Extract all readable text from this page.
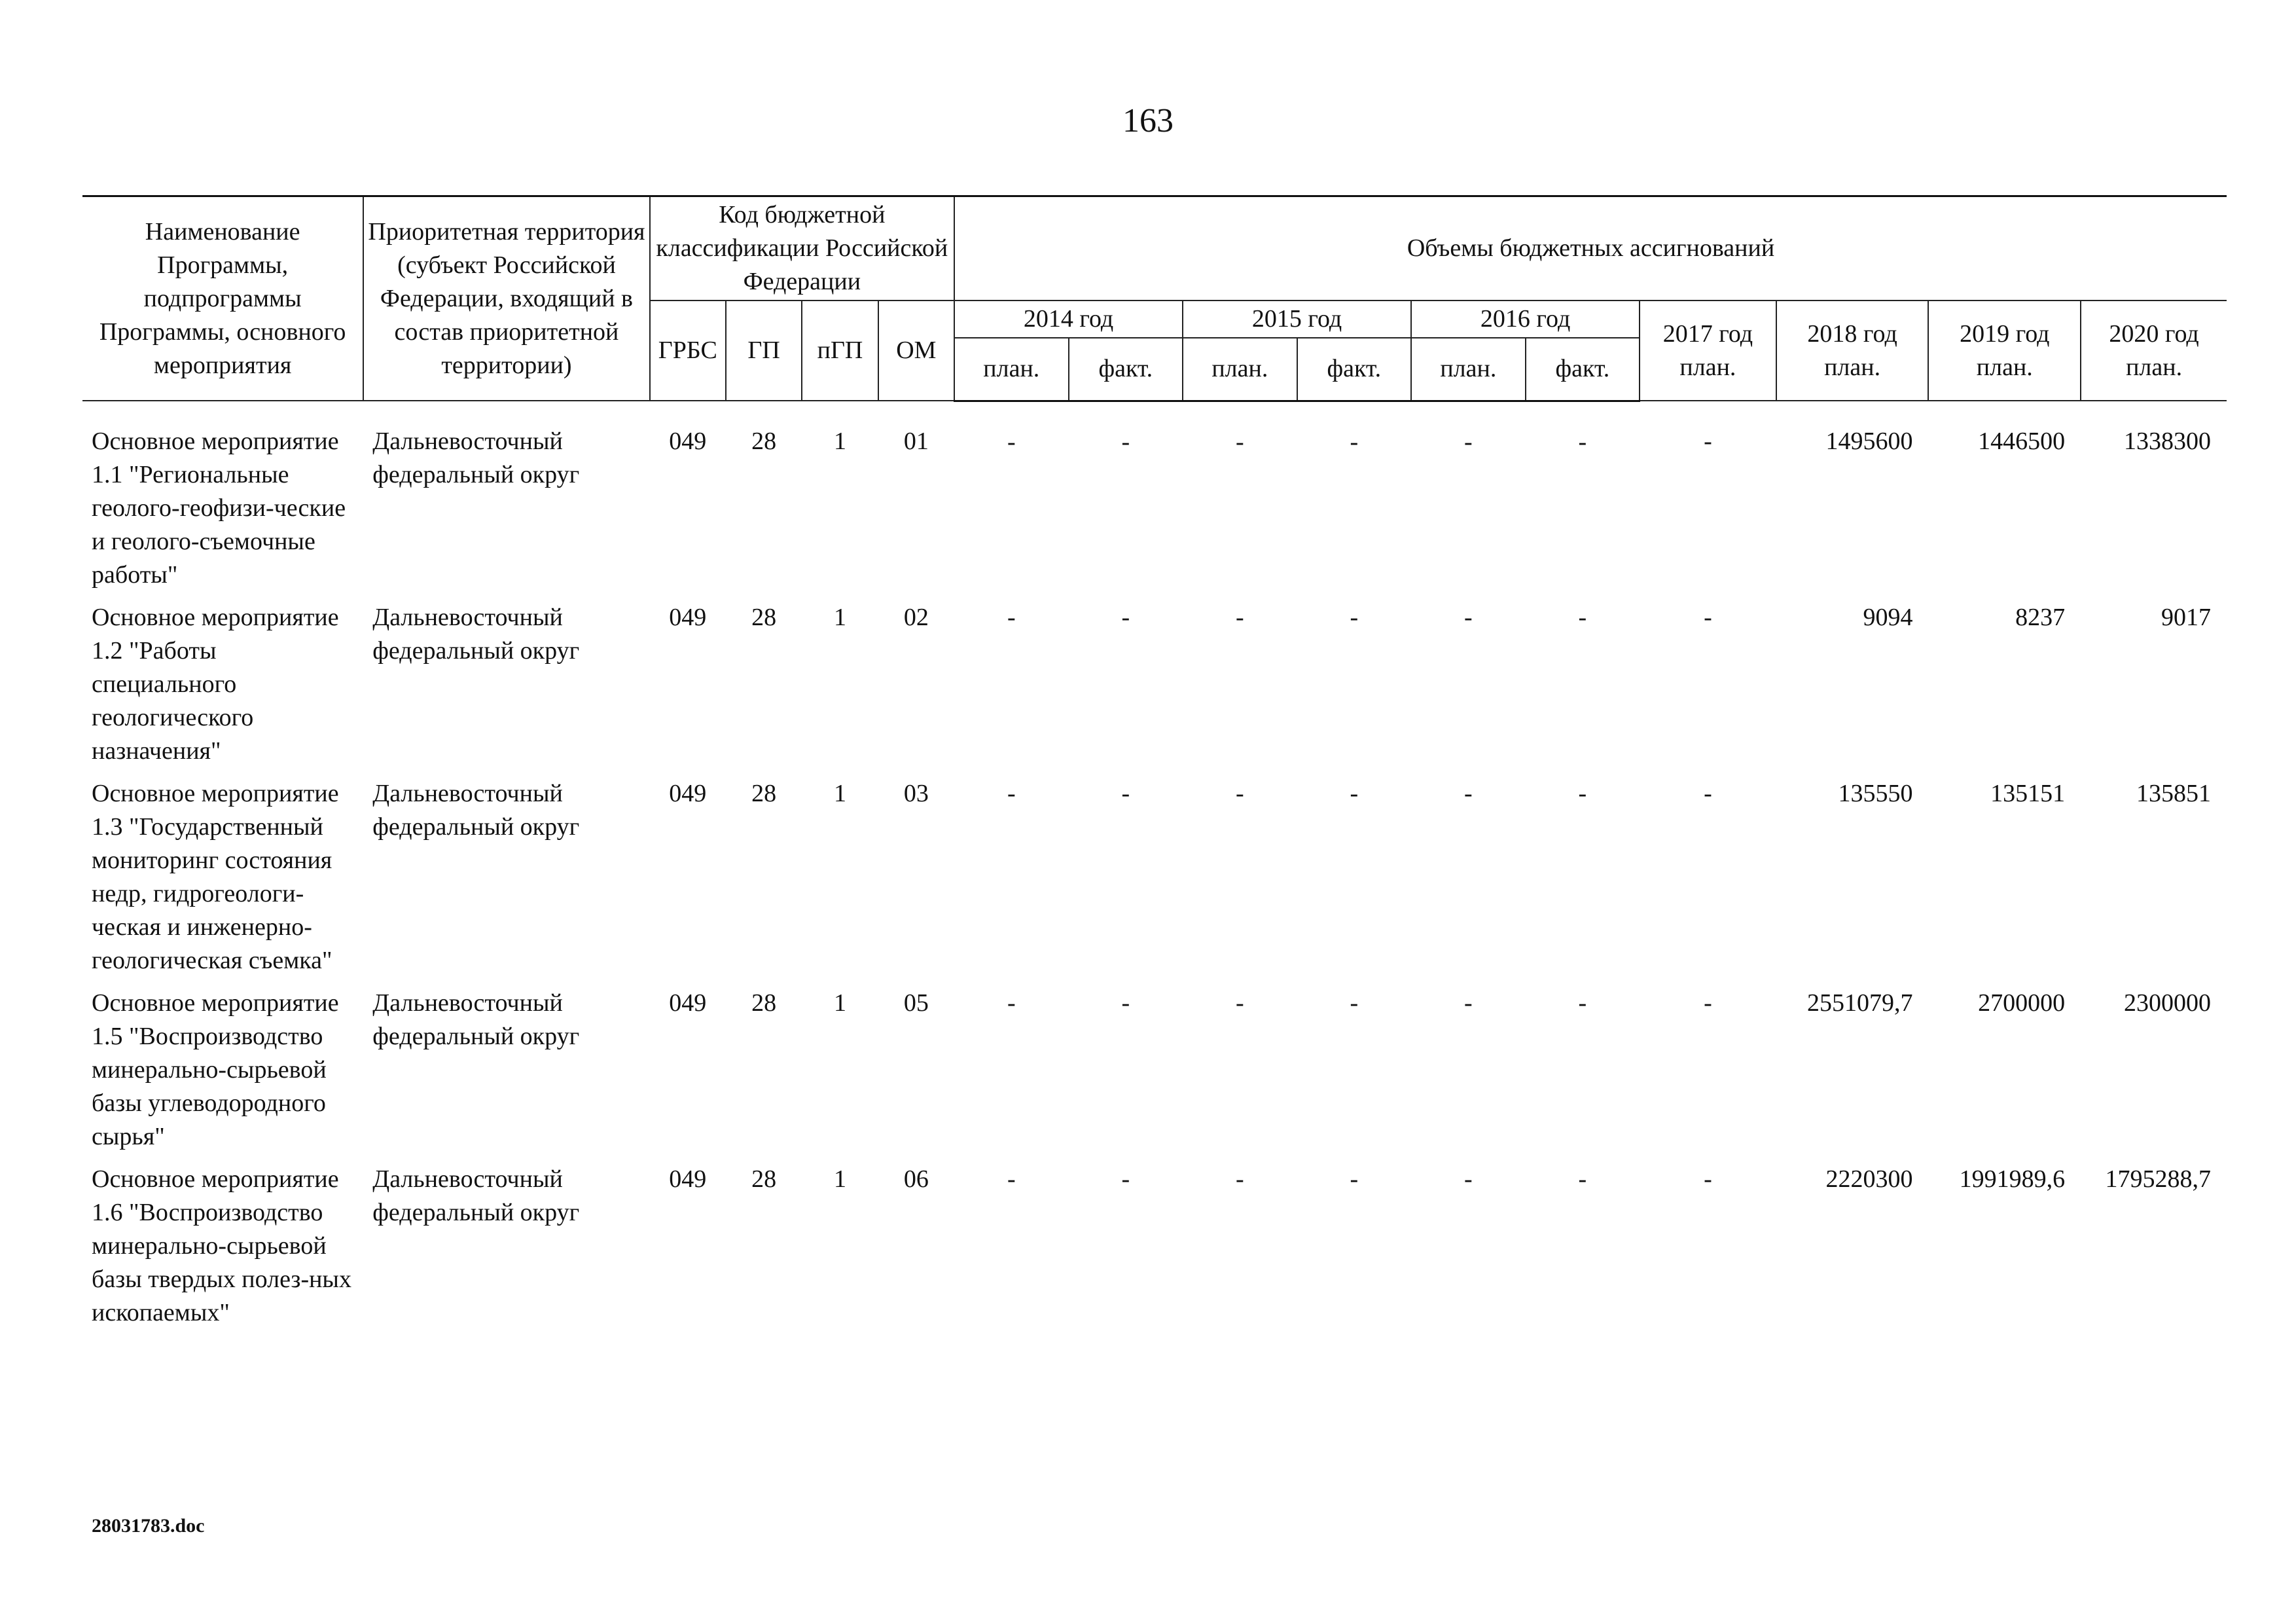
163
Наименование Программы, подпрограммы Программы, основного мероприятия	Приоритетная территория (субъект Российской Федерации, входящий в состав приоритетной территории)	Код бюджетной классификации Российской Федерации				Объемы бюджетных ассигнований									
		ГРБС	ГП	пГП	ОМ	2014 год		2015 год		2016 год		2017 год план.	2018 год план.	2019 год план.	2020 год план.
						план.	факт.	план.	факт.	план.	факт.				
Основное мероприятие 1.1 "Региональные геолого-геофизи-ческие и геолого-съемочные работы"	Дальневосточный федеральный округ	049	28	1	01	-	-	-	-	-	-	-	1495600	1446500	1338300
Основное мероприятие 1.2 "Работы специального геологического назначения"	Дальневосточный федеральный округ	049	28	1	02	-	-	-	-	-	-	-	9094	8237	9017
Основное мероприятие 1.3 "Государственный мониторинг состояния недр, гидрогеологи-ческая и инженерно-геологическая съемка"	Дальневосточный федеральный округ	049	28	1	03	-	-	-	-	-	-	-	135550	135151	135851
Основное мероприятие 1.5 "Воспроизводство минерально-сырьевой базы углеводородного сырья"	Дальневосточный федеральный округ	049	28	1	05	-	-	-	-	-	-	-	2551079,7	2700000	2300000
Основное мероприятие 1.6 "Воспроизводство минерально-сырьевой базы твердых полез-ных ископаемых"	Дальневосточный федеральный округ	049	28	1	06	-	-	-	-	-	-	-	2220300	1991989,6	1795288,7
28031783.doc
